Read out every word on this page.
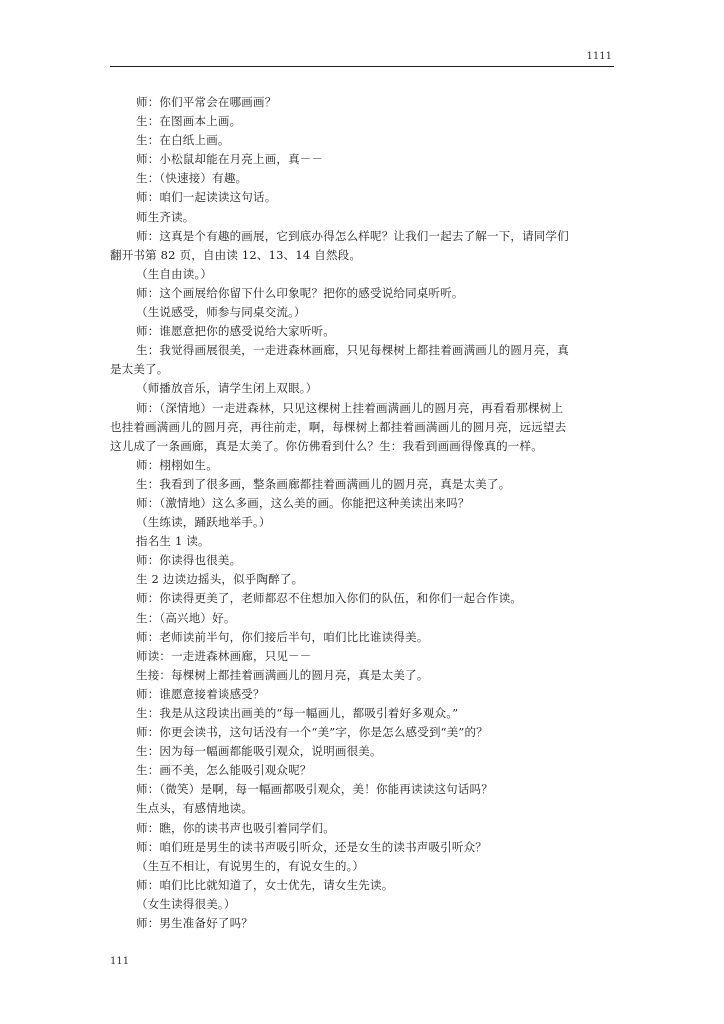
1111
师：你们平常会在哪画画？
生：在图画本上画。
生：在白纸上画。
师：小松鼠却能在月亮上画，真－－
生：（快速接）有趣。
师：咱们一起读读这句话。
师生齐读。
师：这真是个有趣的画展，它到底办得怎么样呢？让我们一起去了解一下，请同学们
翻开书第 82 页，自由读 12、13、14 自然段。
（生自由读。）
师：这个画展给你留下什么印象呢？把你的感受说给同桌听听。
（生说感受，师参与同桌交流。）
师：谁愿意把你的感受说给大家听听。
生：我觉得画展很美，一走进森林画廊，只见每棵树上都挂着画满画儿的圆月亮，真
是太美了。
（师播放音乐，请学生闭上双眼。）
师：（深情地）一走进森林，只见这棵树上挂着画满画儿的圆月亮，再看看那棵树上
也挂着画满画儿的圆月亮，再往前走，啊，每棵树上都挂着画满画儿的圆月亮，远远望去
这儿成了一条画廊，真是太美了。你仿佛看到什么？生：我看到画画得像真的一样。
师：栩栩如生。
生：我看到了很多画，整条画廊都挂着画满画儿的圆月亮，真是太美了。
师：（激情地）这么多画，这么美的画。你能把这种美读出来吗？
（生练读，踊跃地举手。）
指名生 1 读。
师：你读得也很美。
生 2 边读边摇头，似乎陶醉了。
师：你读得更美了，老师都忍不住想加入你们的队伍，和你们一起合作读。
生：（高兴地）好。
师：老师读前半句，你们接后半句，咱们比比谁读得美。
师读：一走进森林画廊，只见－－
生接：每棵树上都挂着画满画儿的圆月亮，真是太美了。
师：谁愿意接着谈感受？
生：我是从这段读出画美的“每一幅画儿，都吸引着好多观众。”
师：你更会读书，这句话没有一个“美”字，你是怎么感受到“美”的？
生：因为每一幅画都能吸引观众，说明画很美。
生：画不美，怎么能吸引观众呢？
师：（微笑）是啊，每一幅画都吸引观众，美！你能再读读这句话吗？
生点头，有感情地读。
师：瞧，你的读书声也吸引着同学们。
师：咱们班是男生的读书声吸引听众，还是女生的读书声吸引听众？
（生互不相让，有说男生的，有说女生的。）
师：咱们比比就知道了，女士优先，请女生先读。
（女生读得很美。）
师：男生准备好了吗？
111
